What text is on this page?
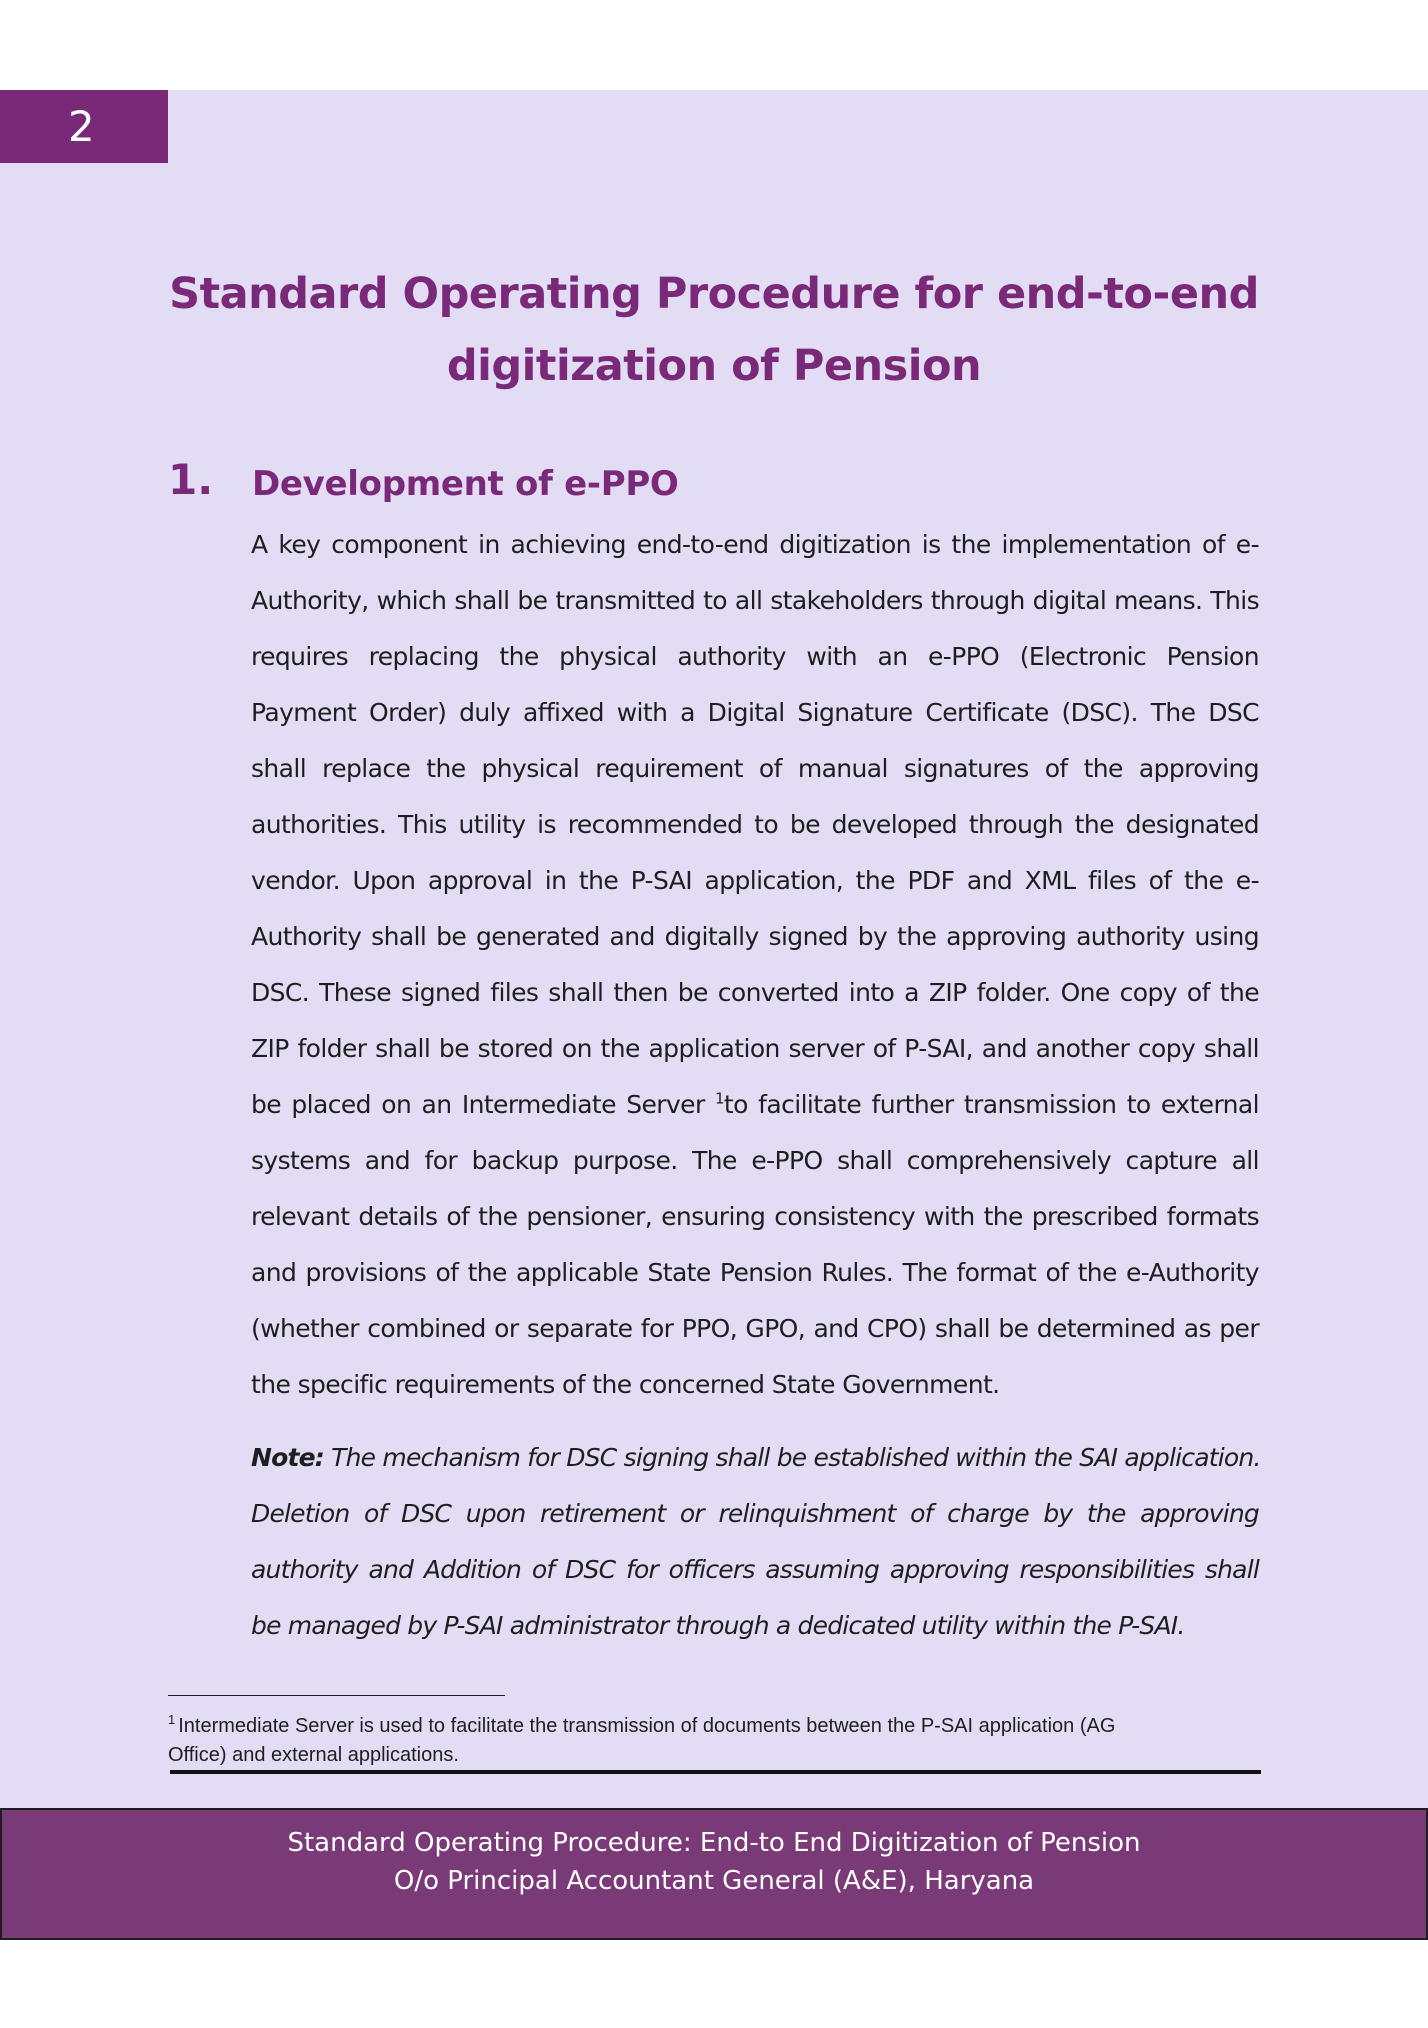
2
Standard Operating Procedure for end-to-end
digitization of Pension
1. Development of e-PPO
A key component in achieving end-to-end digitization is the implementation of e-
Authority, which shall be transmitted to all stakeholders through digital means. This
requires replacing the physical authority with an e-PPO (Electronic Pension
Payment Order) duly affixed with a Digital Signature Certificate (DSC). The DSC
shall replace the physical requirement of manual signatures of the approving
authorities. This utility is recommended to be developed through the designated
vendor. Upon approval in the P-SAI application, the PDF and XML files of the e-
Authority shall be generated and digitally signed by the approving authority using
DSC. These signed files shall then be converted into a ZIP folder. One copy of the
ZIP folder shall be stored on the application server of P-SAI, and another copy shall
be placed on an Intermediate Server $^1$to facilitate further transmission to external
systems and for backup purpose. The e-PPO shall comprehensively capture all
relevant details of the pensioner, ensuring consistency with the prescribed formats
and provisions of the applicable State Pension Rules. The format of the e-Authority
(whether combined or separate for PPO, GPO, and CPO) shall be determined as per
the specific requirements of the concerned State Government.
Note: The mechanism for DSC signing shall be established within the SAI application.
Deletion of DSC upon retirement or relinquishment of charge by the approving
authority and Addition of DSC for officers assuming approving responsibilities shall
be managed by P-SAI administrator through a dedicated utility within the P-SAI.
$^1$ Intermediate Server is used to facilitate the transmission of documents between the P-SAI application (AG
Office) and external applications.
Standard Operating Procedure: End-to End Digitization of Pension
O/o Principal Accountant General (A&E), Haryana
